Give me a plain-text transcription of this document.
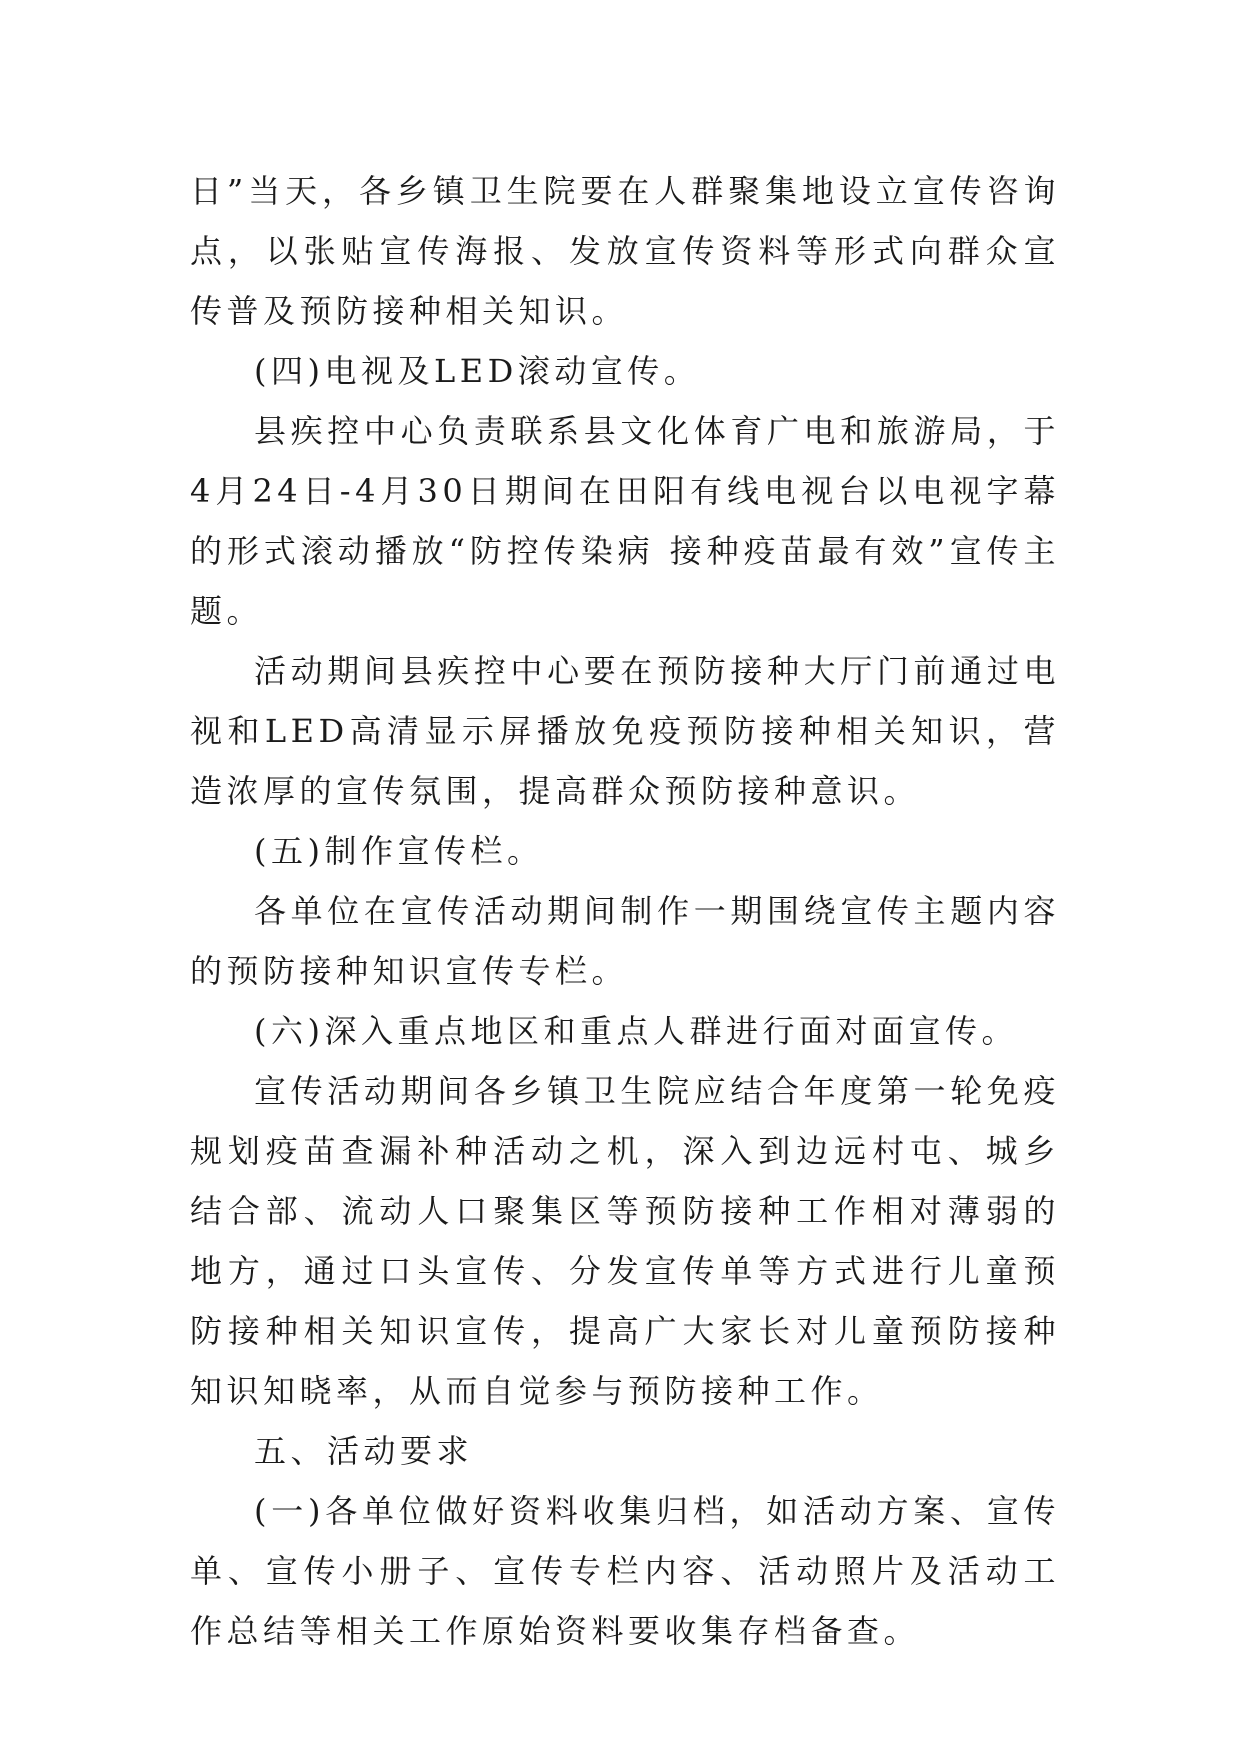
日”当天，各乡镇卫生院要在人群聚集地设立宣传咨询点，以张贴宣传海报、发放宣传资料等形式向群众宣传普及预防接种相关知识。

(四)电视及LED滚动宣传。

县疾控中心负责联系县文化体育广电和旅游局，于4月24日-4月30日期间在田阳有线电视台以电视字幕的形式滚动播放“防控传染病 接种疫苗最有效”宣传主题。

活动期间县疾控中心要在预防接种大厅门前通过电视和LED高清显示屏播放免疫预防接种相关知识，营造浓厚的宣传氛围，提高群众预防接种意识。

(五)制作宣传栏。

各单位在宣传活动期间制作一期围绕宣传主题内容的预防接种知识宣传专栏。

(六)深入重点地区和重点人群进行面对面宣传。

宣传活动期间各乡镇卫生院应结合年度第一轮免疫规划疫苗查漏补种活动之机，深入到边远村屯、城乡结合部、流动人口聚集区等预防接种工作相对薄弱的地方，通过口头宣传、分发宣传单等方式进行儿童预防接种相关知识宣传，提高广大家长对儿童预防接种知识知晓率，从而自觉参与预防接种工作。

五、活动要求

(一)各单位做好资料收集归档，如活动方案、宣传单、宣传小册子、宣传专栏内容、活动照片及活动工作总结等相关工作原始资料要收集存档备查。
